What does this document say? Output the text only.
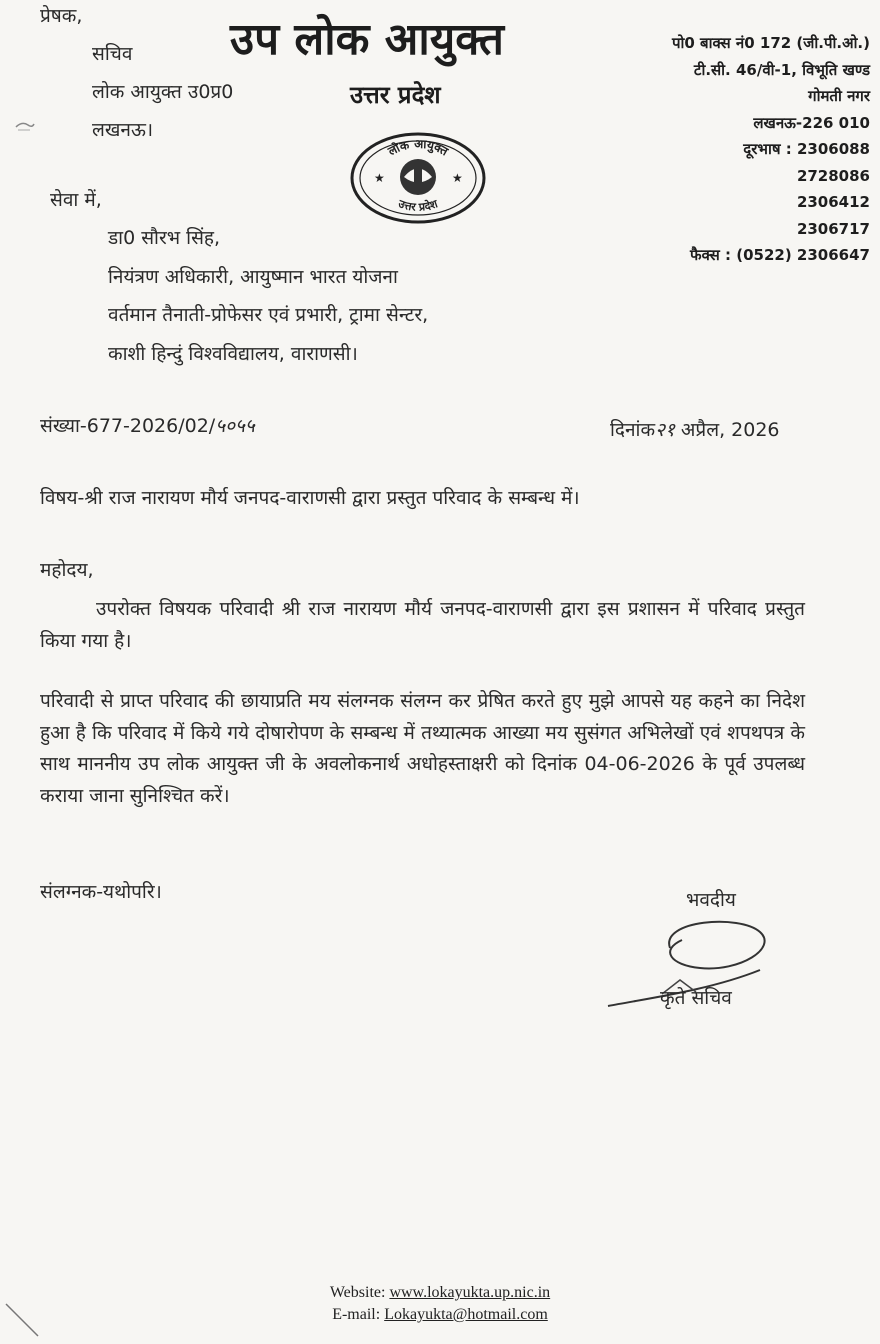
प्रेषक,
सचिव
लोक आयुक्त उ0प्र0
लखनऊ।
उप लोक आयुक्त
उत्तर प्रदेश
लोक आयुक्त
उत्तर प्रदेश
★	★
पो0 बाक्स नं0 172 (जी.पी.ओ.)
टी.सी. 46/वी-1, विभूति खण्ड
गोमती नगर
लखनऊ-226 010
दूरभाष : 2306088
2728086
2306412
2306717
फैक्स : (0522) 2306647
सेवा में,
डा0 सौरभ सिंह,
नियंत्रण अधिकारी, आयुष्मान भारत योजना
वर्तमान तैनाती-प्रोफेसर एवं प्रभारी, ट्रामा सेन्टर,
काशी हिन्दुं विश्वविद्यालय, वाराणसी।
संख्या-677-2026/02/५०५५	दिनांक२१ अप्रैल, 2026
विषय-श्री राज नारायण मौर्य जनपद-वाराणसी द्वारा प्रस्तुत परिवाद के सम्बन्ध में।
महोदय,
उपरोक्त विषयक परिवादी श्री राज नारायण मौर्य जनपद-वाराणसी द्वारा इस प्रशासन में परिवाद प्रस्तुत किया गया है।
परिवादी से प्राप्त परिवाद की छायाप्रति मय संलग्नक संलग्न कर प्रेषित करते हुए मुझे आपसे यह कहने का निदेश हुआ है कि परिवाद में किये गये दोषारोपण के सम्बन्ध में तथ्यात्मक आख्या मय सुसंगत अभिलेखों एवं शपथपत्र के साथ माननीय उप लोक आयुक्त जी के अवलोकनार्थ अधोहस्ताक्षरी को दिनांक 04-06-2026 के पूर्व उपलब्ध कराया जाना सुनिश्चित करें।
संलग्नक-यथोपरि।	भवदीय
कृते सचिव
Website: www.lokayukta.up.nic.in
E-mail: Lokayukta@hotmail.com
